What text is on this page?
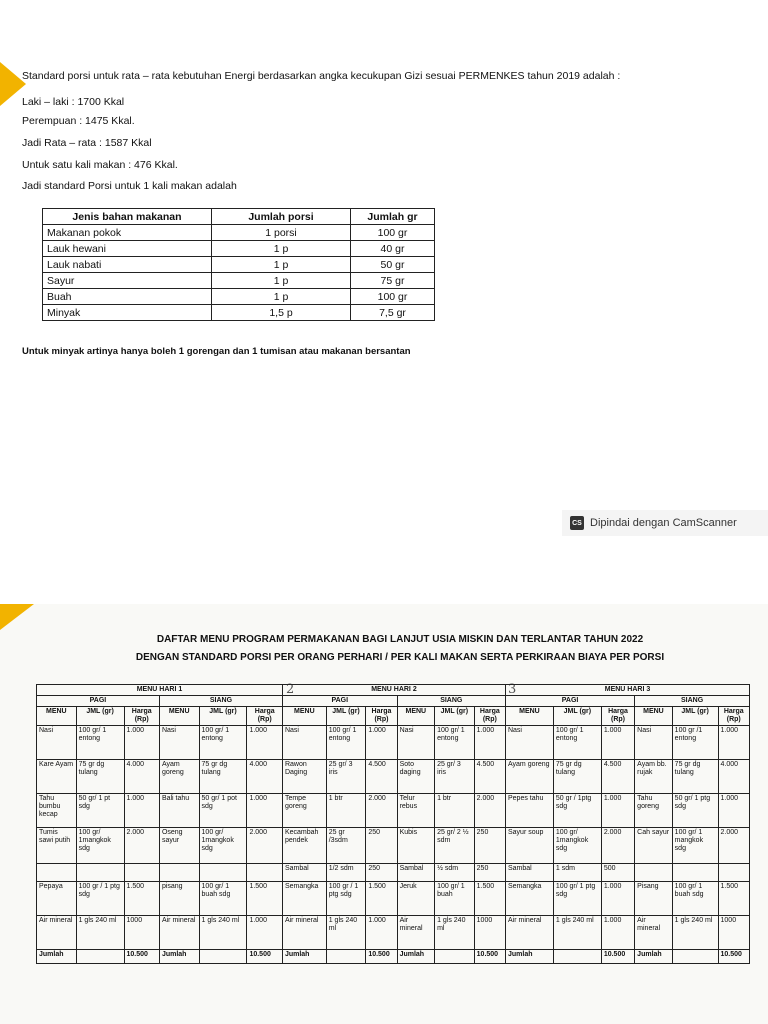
Standard porsi untuk rata – rata kebutuhan Energi berdasarkan angka kecukupan Gizi sesuai PERMENKES tahun 2019 adalah :
Laki – laki : 1700 Kkal
Perempuan : 1475 Kkal.
Jadi Rata – rata : 1587 Kkal
Untuk satu kali makan : 476 Kkal.
Jadi standard Porsi untuk 1 kali makan adalah
Jenis bahan makanan	Jumlah porsi	Jumlah gr
Makanan pokok	1 porsi	100 gr
Lauk hewani	1 p	40 gr
Lauk nabati	1 p	50 gr
Sayur	1 p	75 gr
Buah	1 p	100 gr
Minyak	1,5 p	7,5 gr
Untuk minyak artinya hanya boleh 1 gorengan dan 1 tumisan atau makanan bersantan
CS Dipindai dengan CamScanner
DAFTAR MENU PROGRAM PERMAKANAN BAGI LANJUT USIA MISKIN DAN TERLANTAR TAHUN 2022
DENGAN STANDARD PORSI PER ORANG PERHARI / PER KALI MAKAN SERTA PERKIRAAN BIAYA PER PORSI
2	3
MENU HARI 1						MENU HARI 2						MENU HARI 3					
PAGI			SIANG			PAGI			SIANG			PAGI			SIANG		
MENU	JML (gr)	Harga (Rp)	MENU	JML (gr)	Harga (Rp)	MENU	JML (gr)	Harga (Rp)	MENU	JML (gr)	Harga (Rp)	MENU	JML (gr)	Harga (Rp)	MENU	JML (gr)	Harga (Rp)
Nasi	100 gr/ 1 entong	1.000	Nasi	100 gr/ 1 entong	1.000	Nasi	100 gr/ 1 entong	1.000	Nasi	100 gr/ 1 entong	1.000	Nasi	100 gr/ 1 entong	1.000	Nasi	100 gr /1 entong	1.000
Kare Ayam	75 gr dg tulang	4.000	Ayam goreng	75 gr dg tulang	4.000	Rawon Daging	25 gr/ 3 iris	4.500	Soto daging	25 gr/ 3 iris	4.500	Ayam goreng	75 gr dg tulang	4.500	Ayam bb. rujak	75 gr dg tulang	4.000
Tahu bumbu kecap	50 gr/ 1 pt sdg	1.000	Bali tahu	50 gr/ 1 pot sdg	1.000	Tempe goreng	1 btr	2.000	Telur rebus	1 btr	2.000	Pepes tahu	50 gr / 1ptg sdg	1.000	Tahu goreng	50 gr/ 1 ptg sdg	1.000
Tumis sawi putih	100 gr/ 1mangkok sdg	2.000	Oseng sayur	100 gr/ 1mangkok sdg	2.000	Kecambah pendek	25 gr /3sdm	250	Kubis	25 gr/ 2 ½ sdm	250	Sayur soup	100 gr/ 1mangkok sdg	2.000	Cah sayur	100 gr/ 1 mangkok sdg	2.000
						Sambal	1/2 sdm	250	Sambal	½ sdm	250	Sambal	1 sdm	500			
Pepaya	100 gr / 1 ptg sdg	1.500	pisang	100 gr/ 1 buah sdg	1.500	Semangka	100 gr / 1 ptg sdg	1.500	Jeruk	100 gr/ 1 buah	1.500	Semangka	100 gr/ 1 ptg sdg	1.000	Pisang	100 gr/ 1 buah sdg	1.500
Air mineral	1 gls 240 ml	1000	Air mineral	1 gls 240 ml	1.000	Air mineral	1 gls 240 ml	1.000	Air mineral	1 gls 240 ml	1000	Air mineral	1 gls 240 ml	1.000	Air mineral	1 gls 240 ml	1000
Jumlah		10.500	Jumlah		10.500	Jumlah		10.500	Jumlah		10.500	Jumlah		10.500	Jumlah		10.500
